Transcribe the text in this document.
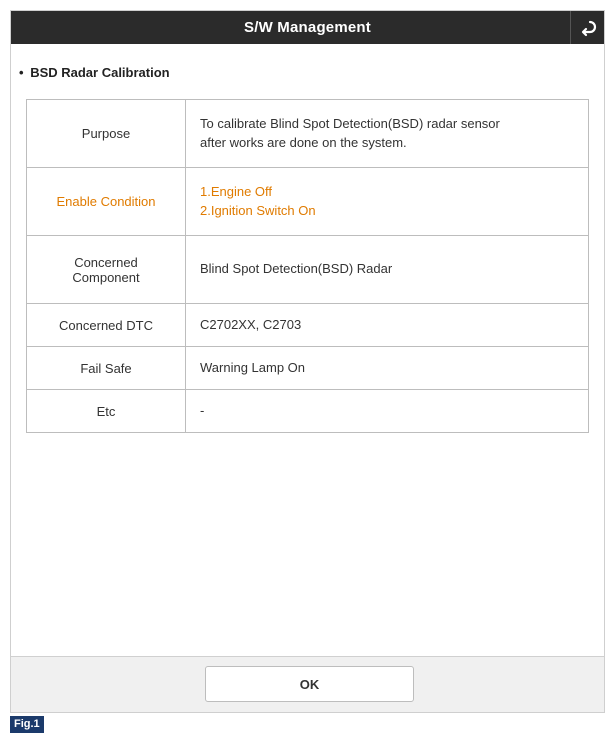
S/W Management
• BSD Radar Calibration
Purpose	To calibrate Blind Spot Detection(BSD) radar sensor
after works are done on the system.
Enable Condition	1.Engine Off
2.Ignition Switch On
Concerned
Component	Blind Spot Detection(BSD) Radar
Concerned DTC	C2702XX, C2703
Fail Safe	Warning Lamp On
Etc	-
OK
Fig.1
